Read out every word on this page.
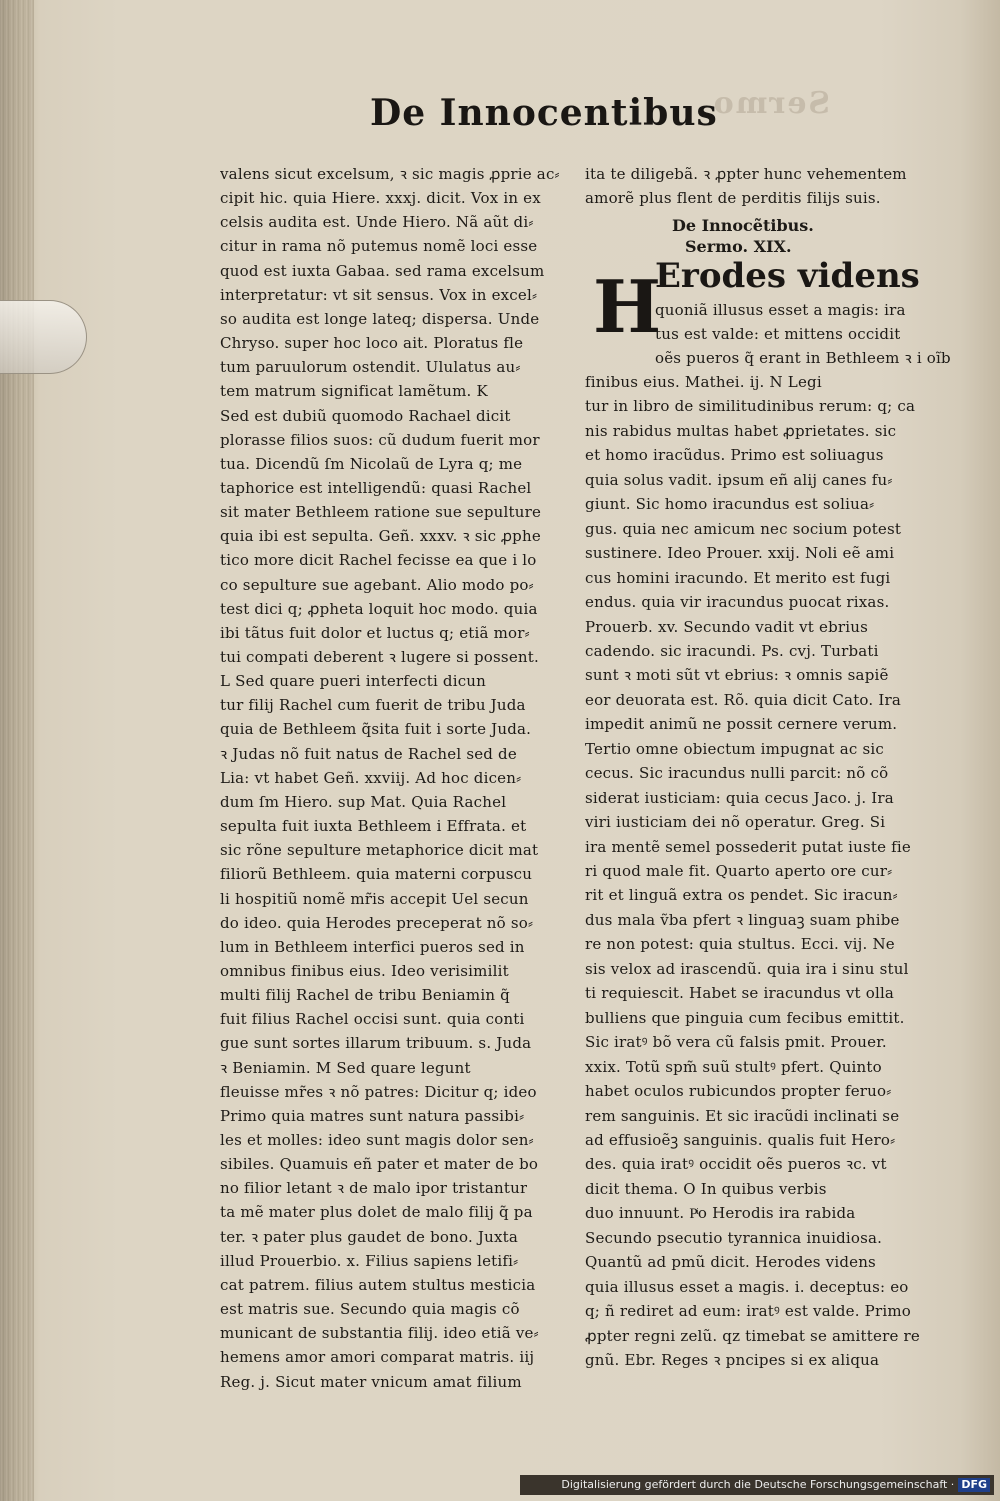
Sermo
De Innocentibus
valens sicut excelsum, ꝛ sic magis ꝓprie ac⸗
cipit hic. quia Hiere. xxxj. dicit. Vox in ex
celsis audita est. Unde Hiero. Nã aũt di⸗
citur in rama nõ putemus nomẽ loci esse
quod est iuxta Gabaa. sed rama excelsum
interpretatur: vt sit sensus. Vox in excel⸗
so audita est longe lateq; dispersa. Unde
Chryso. super hoc loco ait. Ploratus fle
tum paruulorum ostendit. Ululatus au⸗
tem matrum significat lamẽtum. K
Sed est dubiũ quomodo Rachael dicit
plorasse filios suos: cũ dudum fuerit mor
tua. Dicendũ ſm Nicolaũ de Lyra q; me
taphorice est intelligendũ: quasi Rachel
sit mater Bethleem ratione sue sepulture
quia ibi est sepulta. Geñ. xxxv. ꝛ sic ꝓphe
tico more dicit Rachel fecisse ea que i lo
co sepulture sue agebant. Alio modo po⸗
test dici q; ꝓpheta loquit hoc modo. quia
ibi tãtus fuit dolor et luctus q; etiã mor⸗
tui compati deberent ꝛ lugere si possent.
L Sed quare pueri interfecti dicun
tur filij Rachel cum fuerit de tribu Juda
quia de Bethleem q̃sita fuit i sorte Juda.
ꝛ Judas nõ fuit natus de Rachel sed de
Lia: vt habet Geñ. xxviij. Ad hoc dicen⸗
dum ſm Hiero. sup Mat. Quia Rachel
sepulta fuit iuxta Bethleem i Effrata. et
sic rõne sepulture metaphorice dicit mat
filiorũ Bethleem. quia materni corpuscu
li hospitiũ nomẽ mr̃is accepit Uel secun
do ideo. quia Herodes preceperat nõ so⸗
lum in Bethleem interfici pueros sed in
omnibus finibus eius. Ideo verisimilit
multi filij Rachel de tribu Beniamin q̃
fuit filius Rachel occisi sunt. quia conti
gue sunt sortes illarum tribuum. s. Juda
ꝛ Beniamin. M Sed quare legunt
fleuisse mr̃es ꝛ nõ patres: Dicitur q; ideo
Primo quia matres sunt natura passibi⸗
les et molles: ideo sunt magis dolor sen⸗
sibiles. Quamuis eñ pater et mater de bo
no filior letant ꝛ de malo ipor tristantur
ta mẽ mater plus dolet de malo filij q̃ pa
ter. ꝛ pater plus gaudet de bono. Juxta
illud Prouerbio. x. Filius sapiens letifi⸗
cat patrem. filius autem stultus mesticia
est matris sue. Secundo quia magis cõ
municant de substantia filij. ideo etiã ve⸗
hemens amor amori comparat matris. iij
Reg. j. Sicut mater vnicum amat filium
ita te diligebã. ꝛ ꝓpter hunc vehementem
amorẽ plus flent de perditis filijs suis.
De Innocẽtibus.
Sermo. XIX.
H
Erodes videns
quoniã illusus esset a magis: ira
tus est valde: et mittens occidit
oẽs pueros q̃ erant in Bethleem ꝛ i oĩb
finibus eius. Mathei. ij. N Legi
tur in libro de similitudinibus rerum: q; ca
nis rabidus multas habet ꝓprietates. sic
et homo iracũdus. Primo est soliuagus
quia solus vadit. ipsum eñ alij canes fu⸗
giunt. Sic homo iracundus est soliua⸗
gus. quia nec amicum nec socium potest
sustinere. Ideo Prouer. xxij. Noli eẽ ami
cus homini iracundo. Et merito est fugi
endus. quia vir iracundus puocat rixas.
Prouerb. xv. Secundo vadit vt ebrius
cadendo. sic iracundi. Ps. cvj. Turbati
sunt ꝛ moti sũt vt ebrius: ꝛ omnis sapiẽ
eor deuorata est. Rõ. quia dicit Cato. Ira
impedit animũ ne possit cernere verum.
Tertio omne obiectum impugnat ac sic
cecus. Sic iracundus nulli parcit: nõ cõ
siderat iusticiam: quia cecus Jaco. j. Ira
viri iusticiam dei nõ operatur. Greg. Si
ira mentẽ semel possederit putat iuste fie
ri quod male fit. Quarto aperto ore cur⸗
rit et linguã extra os pendet. Sic iracun⸗
dus mala ṽba pfert ꝛ linguaꝫ suam phibe
re non potest: quia stultus. Ecci. vij. Ne
sis velox ad irascendũ. quia ira i sinu stul
ti requiescit. Habet se iracundus vt olla
bulliens que pinguia cum fecibus emittit.
Sic iratꝰ bõ vera cũ falsis pmit. Prouer.
xxix. Totũ spm̃ suũ stultꝰ pfert. Quinto
habet oculos rubicundos propter feruo⸗
rem sanguinis. Et sic iracũdi inclinati se
ad effusioẽꝫ sanguinis. qualis fuit Hero⸗
des. quia iratꝰ occidit oẽs pueros ꝛc. vt
dicit thema. O In quibus verbis
duo innuunt. Pͥo Herodis ira rabida
Secundo psecutio tyrannica inuidiosa.
Quantũ ad pmũ dicit. Herodes videns
quia illusus esset a magis. i. deceptus: eo
q; ñ rediret ad eum: iratꝰ est valde. Primo
ꝓpter regni zelũ. qz timebat se amittere re
gnũ. Ebr. Reges ꝛ pncipes si ex aliqua
Digitalisierung gefördert durch die Deutsche Forschungsgemeinschaft · DFG
